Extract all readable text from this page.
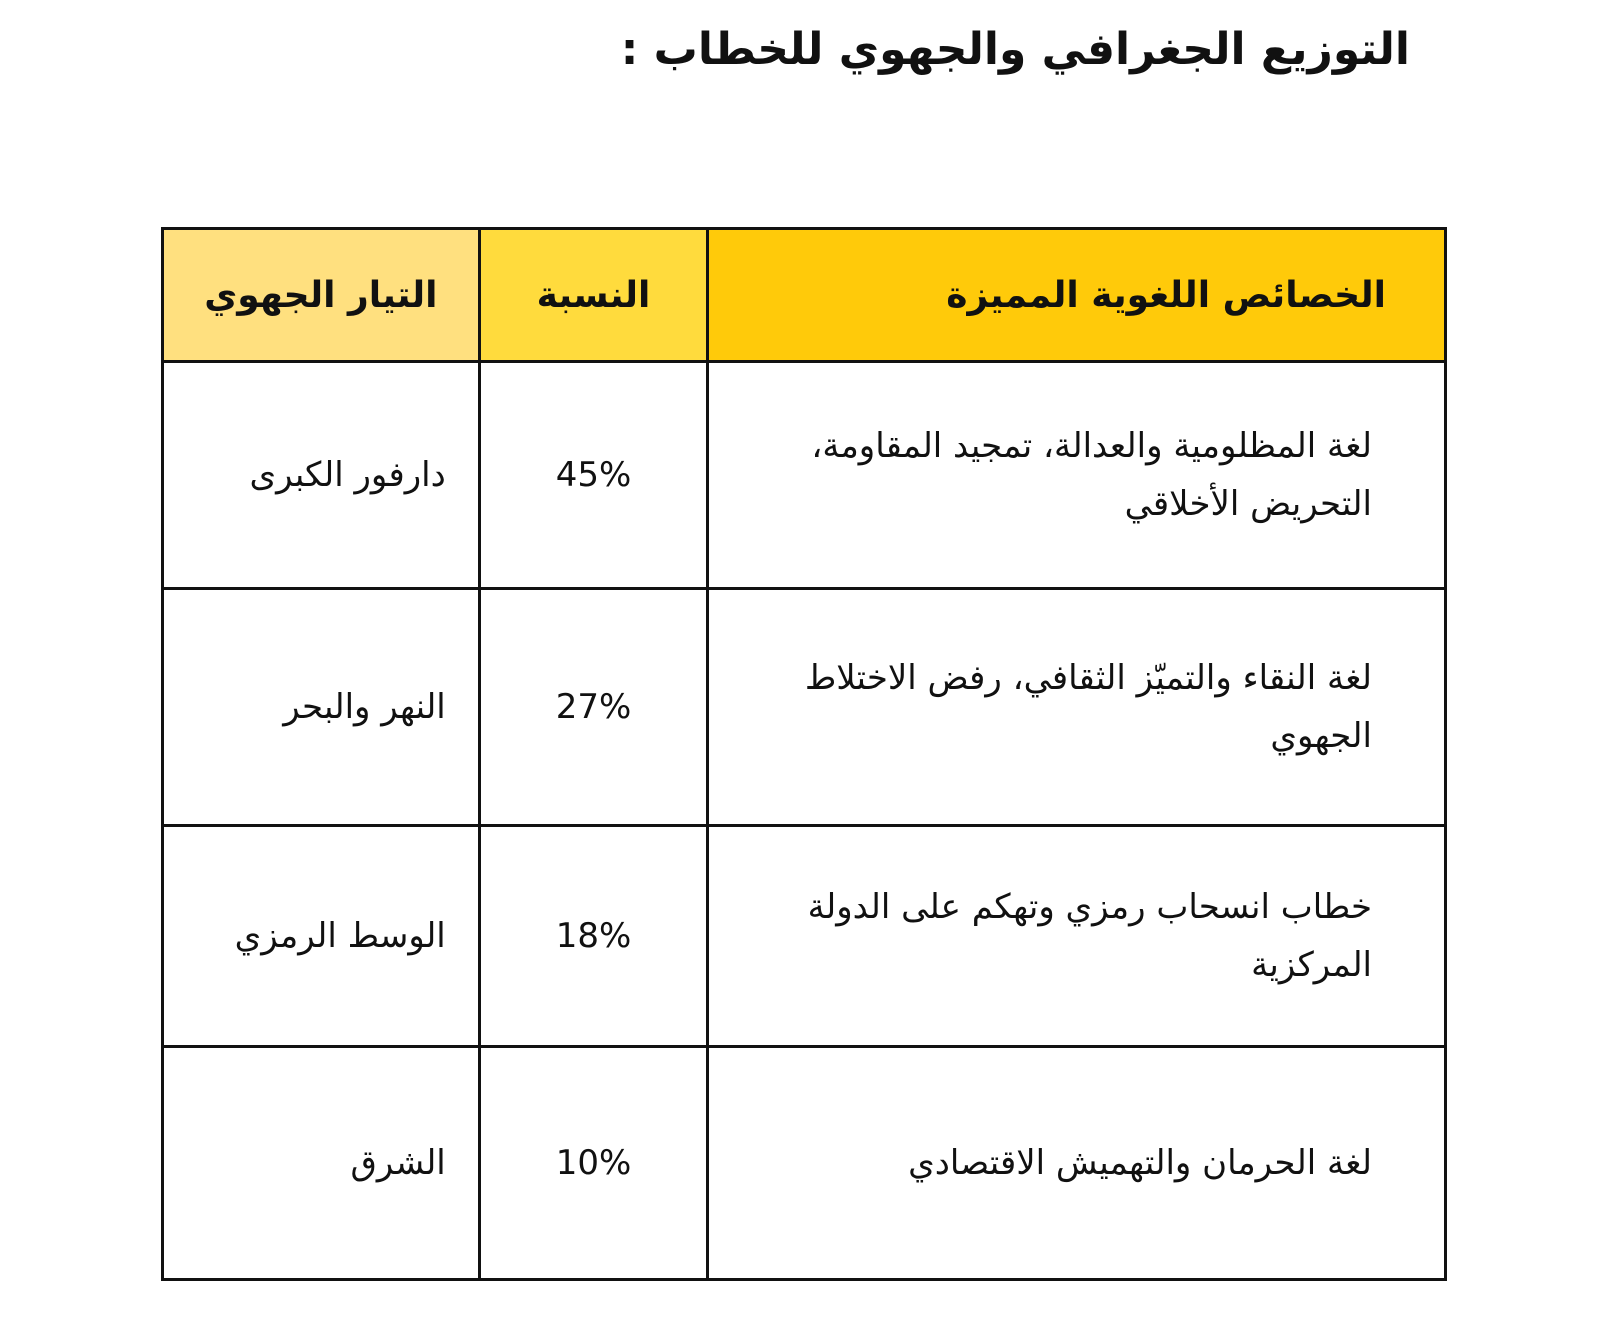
التوزيع الجغرافي والجهوي للخطاب :
الخصائص اللغوية المميزة	النسبة	التيار الجهوي

لغة المظلومية والعدالة، تمجيد المقاومة، التحريض الأخلاقي	45%	دارفور الكبرى

لغة النقاء والتميّز الثقافي، رفض الاختلاط الجهوي	27%	النهر والبحر

خطاب انسحاب رمزي وتهكم على الدولة المركزية	18%	الوسط الرمزي

لغة الحرمان والتهميش الاقتصادي	10%	الشرق
